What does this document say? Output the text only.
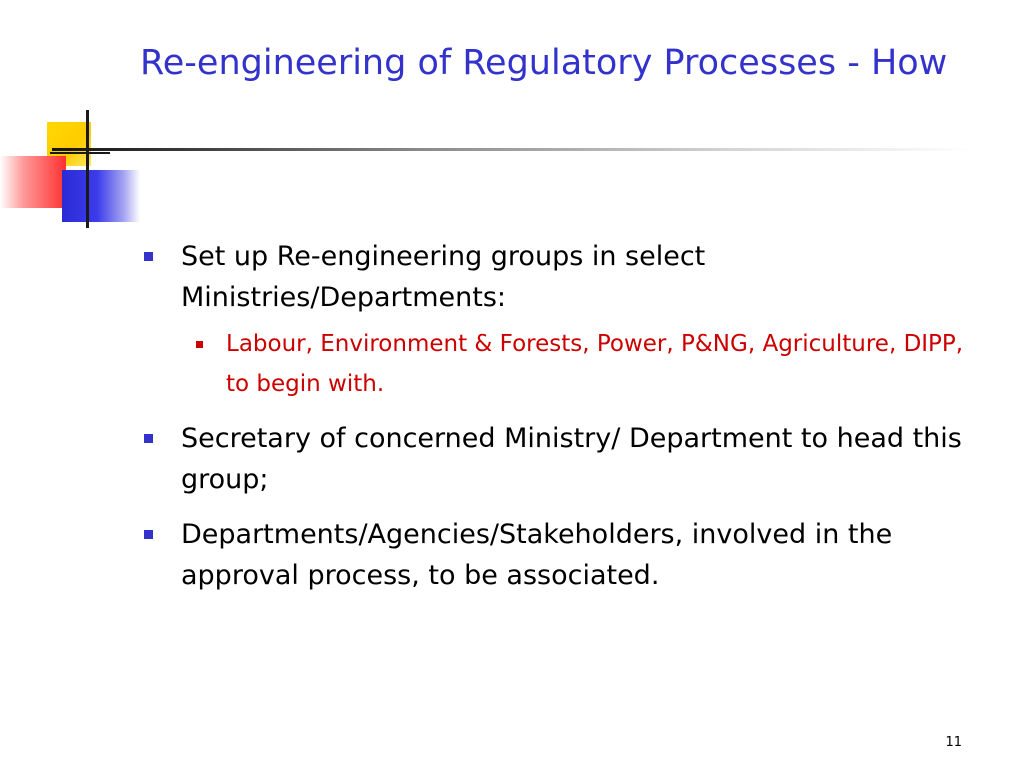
Re-engineering of Regulatory Processes - How
Set up Re-engineering groups in select Ministries/Departments:
Labour, Environment & Forests, Power, P&NG, Agriculture, DIPP, to begin with.
Secretary of concerned Ministry/ Department to head this group;
Departments/Agencies/Stakeholders, involved in the approval process, to be associated.
11
